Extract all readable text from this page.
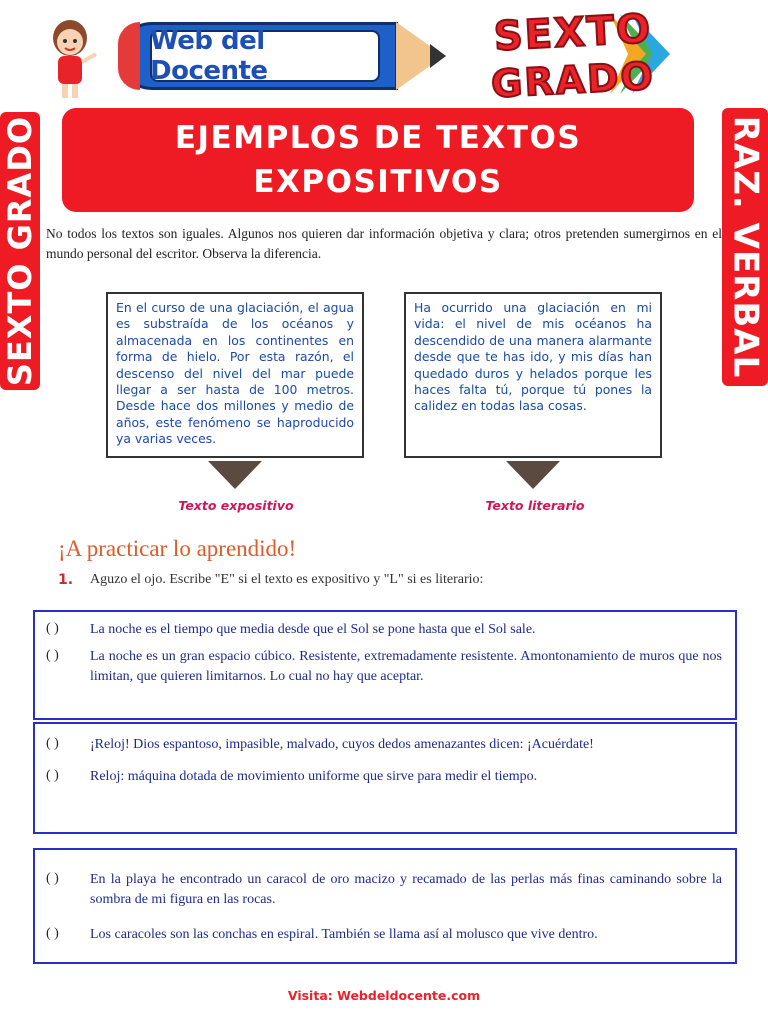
Web del Docente
SEXTO
GRADO
SEXTO GRADO	RAZ. VERBAL
EJEMPLOS DE TEXTOS
EXPOSITIVOS
No todos los textos son iguales. Algunos nos quieren dar información objetiva y clara; otros pretenden sumergirnos en el mundo personal del escritor. Observa la diferencia.
En el curso de una glaciación, el agua es substraída de los océanos y almacenada en los continentes en forma de hielo. Por esta razón, el descenso del nivel del mar puede llegar a ser hasta de 100 metros. Desde hace dos millones y medio de años, este fenómeno se haproducido ya varias veces.
Ha ocurrido una glaciación en mi vida: el nivel de mis océanos ha descendido de una manera alarmante desde que te has ido, y mis días han quedado duros y helados porque les haces falta tú, porque tú pones la calidez en todas lasa cosas.
Texto expositivo	Texto literario
¡A practicar lo aprendido!
1. Aguzo el ojo. Escribe "E" si el texto es expositivo y "L" si es literario:
( ) La noche es el tiempo que media desde que el Sol se pone hasta que el Sol sale.
( ) La noche es un gran espacio cúbico. Resistente, extremadamente resistente. Amontonamiento de muros que nos limitan, que quieren limitarnos. Lo cual no hay que aceptar.
( ) ¡Reloj! Dios espantoso, impasible, malvado, cuyos dedos amenazantes dicen: ¡Acuérdate!
( ) Reloj: máquina dotada de movimiento uniforme que sirve para medir el tiempo.
( ) En la playa he encontrado un caracol de oro macizo y recamado de las perlas más finas caminando sobre la sombra de mi figura en las rocas.
( ) Los caracoles son las conchas en espiral. También se llama así al molusco que vive dentro.
Visita: Webdeldocente.com
